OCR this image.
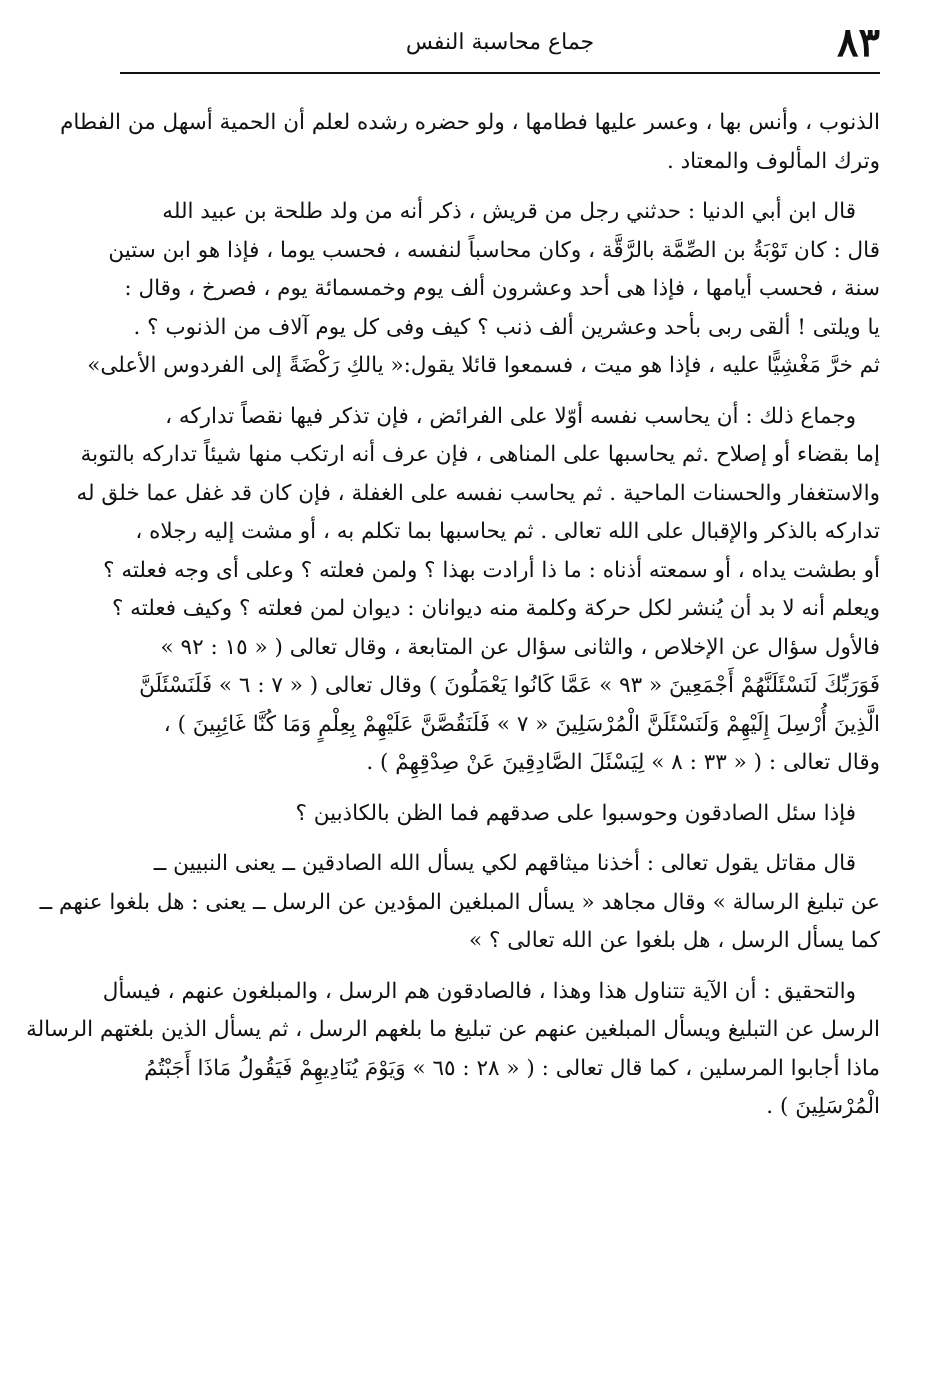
٨٣
جماع محاسبة النفس

الذنوب ، وأنس بها ، وعسر عليها فطامها ، ولو حضره رشده لعلم أن الحمية أسهل من الفطام
وترك المألوف والمعتاد .

قال ابن أبي الدنيا : حدثني رجل من قريش ، ذكر أنه من ولد طلحة بن عبيد الله
قال : كان تَوْبَةُ بن الصِّمَّة بالرَّقَّة ، وكان محاسباً لنفسه ، فحسب يوما ، فإذا هو ابن ستين
سنة ، فحسب أيامها ، فإذا هى أحد وعشرون ألف يوم وخمسمائة يوم ، فصرخ ، وقال :
يا ويلتى ! ألقى ربى بأحد وعشرين ألف ذنب ؟ كيف وفى كل يوم آلاف من الذنوب ؟ .
ثم خرَّ مَغْشِيًّا عليه ، فإذا هو ميت ، فسمعوا قائلا يقول:« يالكِ رَكْضَةً إلى الفردوس الأعلى»

وجماع ذلك : أن يحاسب نفسه أوّلا على الفرائض ، فإن تذكر فيها نقصاً تداركه ،
إما بقضاء أو إصلاح .ثم يحاسبها على المناهى ، فإن عرف أنه ارتكب منها شيئاً تداركه بالتوبة
والاستغفار والحسنات الماحية . ثم يحاسب نفسه على الغفلة ، فإن كان قد غفل عما خلق له
تداركه بالذكر والإقبال على الله تعالى . ثم يحاسبها بما تكلم به ، أو مشت إليه رجلاه ،
أو بطشت يداه ، أو سمعته أذناه : ما ذا أرادت بهذا ؟ ولمن فعلته ؟ وعلى أى وجه فعلته ؟
ويعلم أنه لا بد أن يُنشر لكل حركة وكلمة منه ديوانان : ديوان لمن فعلته ؟ وكيف فعلته ؟
فالأول سؤال عن الإخلاص ، والثانى سؤال عن المتابعة ، وقال تعالى ( « ١٥ : ٩٢ »
فَوَرَبِّكَ لَنَسْئَلَنَّهُمْ أَجْمَعِينَ « ٩٣ » عَمَّا كَانُوا يَعْمَلُونَ ) وقال تعالى ( « ٧ : ٦ » فَلَنَسْئَلَنَّ
الَّذِينَ أُرْسِلَ إِلَيْهِمْ وَلَنَسْئَلَنَّ الْمُرْسَلِينَ « ٧ » فَلَنَقُصَّنَّ عَلَيْهِمْ بِعِلْمٍ وَمَا كُنَّا غَائِبِينَ ) ،
وقال تعالى : ( « ٣٣ : ٨ » لِيَسْئَلَ الصَّادِقِينَ عَنْ صِدْقِهِمْ ) .

فإذا سئل الصادقون وحوسبوا على صدقهم فما الظن بالكاذبين ؟

قال مقاتل يقول تعالى : أخذنا ميثاقهم لكي يسأل الله الصادقين ــ يعنى النبيين ــ
عن تبليغ الرسالة » وقال مجاهد « يسأل المبلغين المؤدين عن الرسل ــ يعنى : هل بلغوا عنهم ــ
كما يسأل الرسل ، هل بلغوا عن الله تعالى ؟ »

والتحقيق : أن الآية تتناول هذا وهذا ، فالصادقون هم الرسل ، والمبلغون عنهم ، فيسأل
الرسل عن التبليغ ويسأل المبلغين عنهم عن تبليغ ما بلغهم الرسل ، ثم يسأل الذين بلغتهم الرسالة
ماذا أجابوا المرسلين ، كما قال تعالى : ( « ٢٨ : ٦٥ » وَيَوْمَ يُنَادِيهِمْ فَيَقُولُ مَاذَا أَجَبْتُمُ
الْمُرْسَلِينَ ) .
